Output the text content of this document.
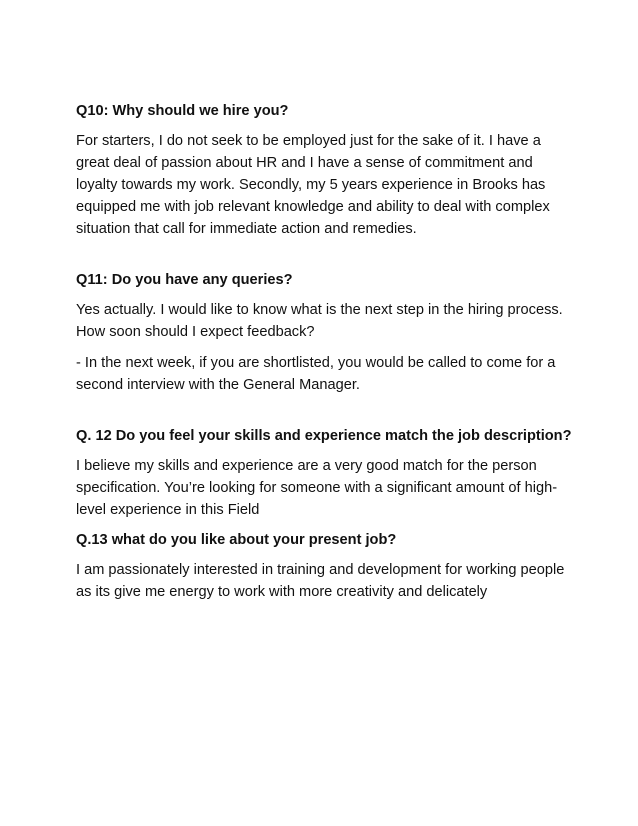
Q10: Why should we hire you?

For starters, I do not seek to be employed just for the sake of it. I have a great deal of passion about HR and I have a sense of commitment and loyalty towards my work. Secondly, my 5 years experience in Brooks has equipped me with job relevant knowledge and ability to deal with complex situation that call for immediate action and remedies.

Q11: Do you have any queries?

Yes actually. I would like to know what is the next step in the hiring process. How soon should I expect feedback?

- In the next week, if you are shortlisted, you would be called to come for a second interview with the General Manager.

Q. 12 Do you feel your skills and experience match the job description?

I believe my skills and experience are a very good match for the person specification. You’re looking for someone with a significant amount of high-level experience in this Field

Q.13 what do you like about your present job?

I am passionately interested in training and development for working people as its give me energy to work with more creativity and delicately
